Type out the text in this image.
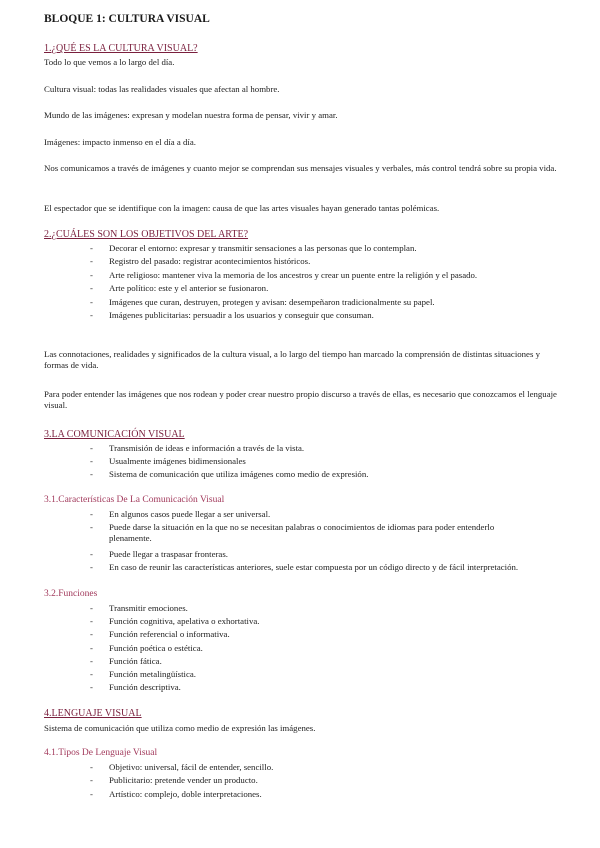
BLOQUE 1: CULTURA VISUAL
1.¿QUÉ ES LA CULTURA VISUAL?
Todo lo que vemos a lo largo del día.
Cultura visual: todas las realidades visuales que afectan al hombre.
Mundo de las imágenes: expresan y modelan nuestra forma de pensar, vivir y amar.
Imágenes: impacto inmenso en el día a día.
Nos comunicamos a través de imágenes y cuanto mejor se comprendan sus mensajes visuales y verbales, más control tendrá sobre su propia vida.
El espectador que se identifique con la imagen: causa de que las artes visuales hayan generado tantas polémicas.
2.¿CUÁLES SON LOS OBJETIVOS DEL ARTE?
-	Decorar el entorno: expresar y transmitir sensaciones a las personas que lo contemplan.
-	Registro del pasado: registrar acontecimientos históricos.
-	Arte religioso: mantener viva la memoria de los ancestros y crear un puente entre la religión y el pasado.
-	Arte político: este y el anterior se fusionaron.
-	Imágenes que curan, destruyen, protegen y avisan: desempeñaron tradicionalmente su papel.
-	Imágenes publicitarias: persuadir a los usuarios y conseguir que consuman.
Las connotaciones, realidades y significados de la cultura visual, a lo largo del tiempo han marcado la comprensión de distintas situaciones y formas de vida.
Para poder entender las imágenes que nos rodean y poder crear nuestro propio discurso a través de ellas, es necesario que conozcamos el lenguaje visual.
3.LA COMUNICACIÓN VISUAL
-	Transmisión de ideas e información a través de la vista.
-	Usualmente imágenes bidimensionales
-	Sistema de comunicación que utiliza imágenes como medio de expresión.
3.1.Características De La Comunicación Visual
-	En algunos casos puede llegar a ser universal.
-	Puede darse la situación en la que no se necesitan palabras o conocimientos de idiomas para poder entenderlo plenamente.
-	Puede llegar a traspasar fronteras.
-	En caso de reunir las características anteriores, suele estar compuesta por un código directo y de fácil interpretación.
3.2.Funciones
-	Transmitir emociones.
-	Función cognitiva, apelativa o exhortativa.
-	Función referencial o informativa.
-	Función poética o estética.
-	Función fática.
-	Función metalingüística.
-	Función descriptiva.
4.LENGUAJE VISUAL
Sistema de comunicación que utiliza como medio de expresión las imágenes.
4.1.Tipos De Lenguaje Visual
-	Objetivo: universal, fácil de entender, sencillo.
-	Publicitario: pretende vender un producto.
-	Artístico: complejo, doble interpretaciones.
